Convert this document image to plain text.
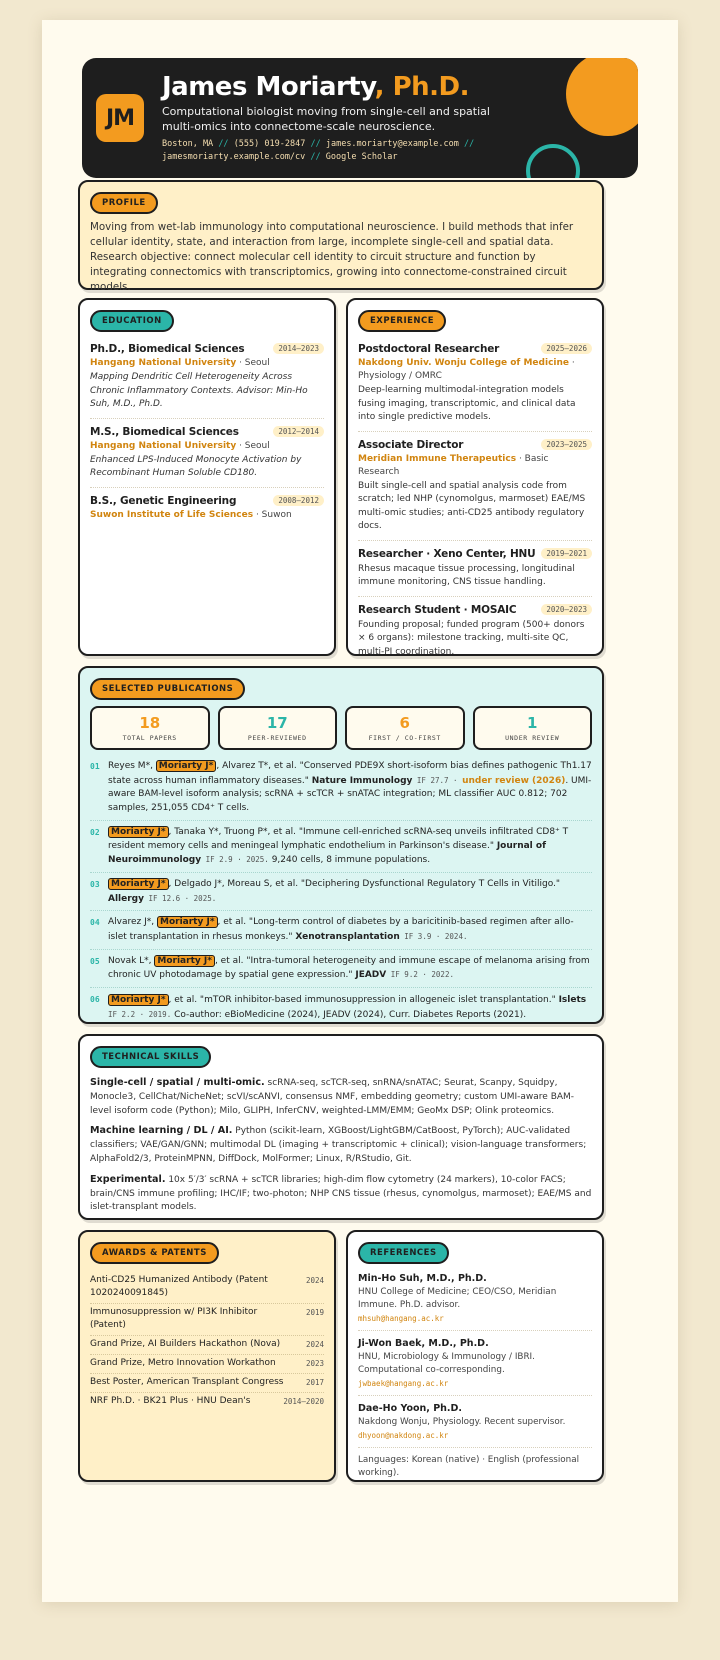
JM
James Moriarty, Ph.D.
Computational biologist moving from single-cell and spatial multi-omics into connectome-scale neuroscience.
Boston, MA // (555) 019-2847 // james.moriarty@example.com //
jamesmoriarty.example.com/cv // Google Scholar
PROFILE

Moving from wet-lab immunology into computational neuroscience. I build methods that infer cellular identity, state, and interaction from large, incomplete single-cell and spatial data. Research objective: connect molecular cell identity to circuit structure and function by integrating connectomics with transcriptomics, growing into connectome-constrained circuit models.

EDUCATION
Ph.D., Biomedical Sciences	2014–2023
Hangang National University · Seoul
Mapping Dendritic Cell Heterogeneity Across Chronic Inflammatory Contexts. Advisor: Min-Ho Suh, M.D., Ph.D.
M.S., Biomedical Sciences	2012–2014
Hangang National University · Seoul
Enhanced LPS-Induced Monocyte Activation by Recombinant Human Soluble CD180.
B.S., Genetic Engineering	2008–2012
Suwon Institute of Life Sciences · Suwon
EXPERIENCE
Postdoctoral Researcher	2025–2026
Nakdong Univ. Wonju College of Medicine · Physiology / OMRC
Deep-learning multimodal-integration models fusing imaging, transcriptomic, and clinical data into single predictive models.
Associate Director	2023–2025
Meridian Immune Therapeutics · Basic Research
Built single-cell and spatial analysis code from scratch; led NHP (cynomolgus, marmoset) EAE/MS multi-omic studies; anti-CD25 antibody regulatory docs.
Researcher · Xeno Center, HNU	2019–2021
Rhesus macaque tissue processing, longitudinal immune monitoring, CNS tissue handling.
Research Student · MOSAIC	2020–2023
Founding proposal; funded program (500+ donors × 6 organs): milestone tracking, multi-site QC, multi-PI coordination.
SELECTED PUBLICATIONS
18
TOTAL PAPERS
17
PEER-REVIEWED
6
FIRST / CO-FIRST
1
UNDER REVIEW
01 Reyes M*, Moriarty J* , Alvarez T*, et al. "Conserved PDE9X short-isoform bias defines pathogenic Th1.17 state across human inflammatory diseases." Nature Immunology IF 27.7 · under review (2026). UMI-aware BAM-level isoform analysis; scRNA + scTCR + snATAC integration; ML classifier AUC 0.812; 702 samples, 251,055 CD4⁺ T cells.
02 Moriarty J* , Tanaka Y*, Truong P*, et al. "Immune cell-enriched scRNA-seq unveils infiltrated CD8⁺ T resident memory cells and meningeal lymphatic endothelium in Parkinson's disease." Journal of Neuroimmunology IF 2.9 · 2025. 9,240 cells, 8 immune populations.
03 Moriarty J* , Delgado J*, Moreau S, et al. "Deciphering Dysfunctional Regulatory T Cells in Vitiligo." Allergy IF 12.6 · 2025.
04 Alvarez J*, Moriarty J* , et al. "Long-term control of diabetes by a baricitinib-based regimen after allo-islet transplantation in rhesus monkeys." Xenotransplantation IF 3.9 · 2024.
05 Novak L*, Moriarty J* , et al. "Intra-tumoral heterogeneity and immune escape of melanoma arising from chronic UV photodamage by spatial gene expression." JEADV IF 9.2 · 2022.
06 Moriarty J* , et al. "mTOR inhibitor-based immunosuppression in allogeneic islet transplantation." Islets IF 2.2 · 2019. Co-author: eBioMedicine (2024), JEADV (2024), Curr. Diabetes Reports (2021).
TECHNICAL SKILLS

Single-cell / spatial / multi-omic. scRNA-seq, scTCR-seq, snRNA/snATAC; Seurat, Scanpy, Squidpy, Monocle3, CellChat/NicheNet; scVI/scANVI, consensus NMF, embedding geometry; custom UMI-aware BAM-level isoform code (Python); Milo, GLIPH, InferCNV, weighted-LMM/EMM; GeoMx DSP; Olink proteomics.

Machine learning / DL / AI. Python (scikit-learn, XGBoost/LightGBM/CatBoost, PyTorch); AUC-validated classifiers; VAE/GAN/GNN; multimodal DL (imaging + transcriptomic + clinical); vision-language transformers; AlphaFold2/3, ProteinMPNN, DiffDock, MolFormer; Linux, R/RStudio, Git.

Experimental. 10x 5′/3′ scRNA + scTCR libraries; high-dim flow cytometry (24 markers), 10-color FACS; brain/CNS immune profiling; IHC/IF; two-photon; NHP CNS tissue (rhesus, cynomolgus, marmoset); EAE/MS and islet-transplant models.

AWARDS & PATENTS
Anti-CD25 Humanized Antibody (Patent 1020240091845)
2024
Immunosuppression w/ PI3K Inhibitor (Patent)
2019
Grand Prize, AI Builders Hackathon (Nova)	2024
Grand Prize, Metro Innovation Workathon	2023
Best Poster, American Transplant Congress	2017
NRF Ph.D. · BK21 Plus · HNU Dean's	2014–2020
REFERENCES
Min-Ho Suh, M.D., Ph.D.
HNU College of Medicine; CEO/CSO, Meridian Immune. Ph.D. advisor.
mhsuh@hangang.ac.kr
Ji-Won Baek, M.D., Ph.D.
HNU, Microbiology & Immunology / IBRI. Computational co-corresponding.
jwbaek@hangang.ac.kr
Dae-Ho Yoon, Ph.D.
Nakdong Wonju, Physiology. Recent supervisor.
dhyoon@nakdong.ac.kr
Languages: Korean (native) · English (professional working).
